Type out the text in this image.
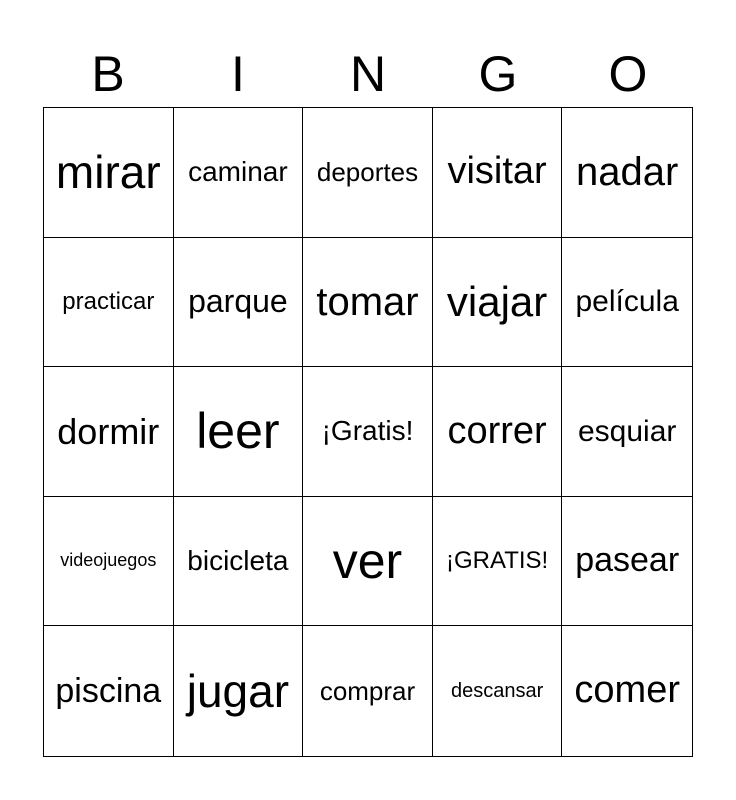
B	I	N	G	O
mirar caminar	deportes visitar nadar
practicar	parque tomar viajar película
dormir leer	¡Gratis! correr	esquiar
videojuegos	bicicleta ver	¡GRATIS! pasear
piscina jugar	comprar	descansar comer
